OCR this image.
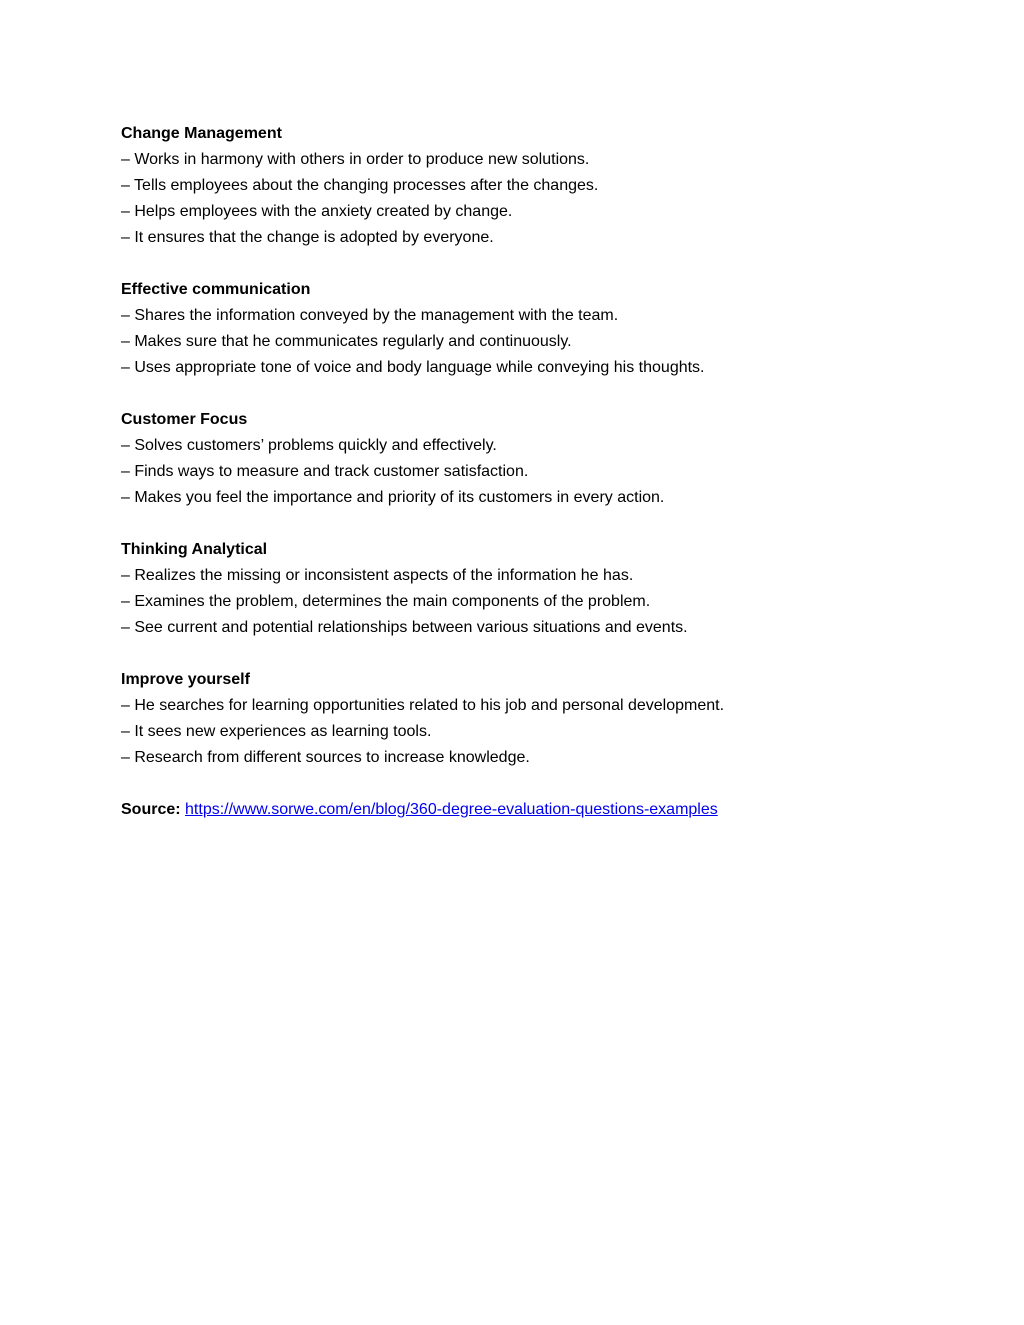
Change Management
– Works in harmony with others in order to produce new solutions.
– Tells employees about the changing processes after the changes.
– Helps employees with the anxiety created by change.
– It ensures that the change is adopted by everyone.
Effective communication
– Shares the information conveyed by the management with the team.
– Makes sure that he communicates regularly and continuously.
– Uses appropriate tone of voice and body language while conveying his thoughts.
Customer Focus
– Solves customers’ problems quickly and effectively.
– Finds ways to measure and track customer satisfaction.
– Makes you feel the importance and priority of its customers in every action.
Thinking Analytical
– Realizes the missing or inconsistent aspects of the information he has.
– Examines the problem, determines the main components of the problem.
– See current and potential relationships between various situations and events.
Improve yourself
– He searches for learning opportunities related to his job and personal development.
– It sees new experiences as learning tools.
– Research from different sources to increase knowledge.
Source: https://www.sorwe.com/en/blog/360-degree-evaluation-questions-examples
